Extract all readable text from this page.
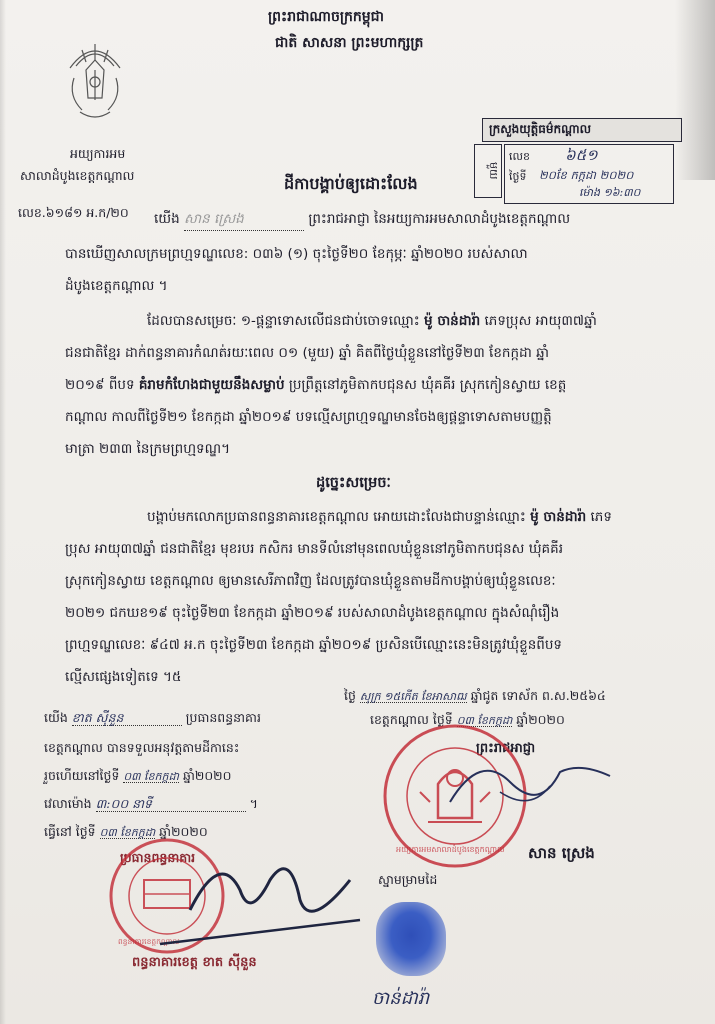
ព្រះរាជាណាចក្រកម្ពុជា
ជាតិ សាសនា ព្រះមហាក្សត្រ
អយ្យការអម
សាលាដំបូងខេត្តកណ្តាល
លេខ.៦១៨១ អ.ក/២០
ក្រសួងយុត្តិធម៌កណ្តាល
មួយ
លេខ ៦៥១
ថ្ងៃទី ២០ខែ កក្កដា ២០២០
ម៉ោង ១៦:៣០
ដីកាបង្គាប់ឲ្យដោះលែង
យើង សាន ស្រេង	ព្រះរាជអាជ្ញា នៃអយ្យការអមសាលាដំបូងខេត្តកណ្តាល
បានឃើញសាលក្រមព្រហ្មទណ្ឌលេខ: ០៣៦ (១) ចុះថ្ងៃទី២០ ខែកុម្ភៈ ឆ្នាំ២០២០ របស់សាលា
ដំបូងខេត្តកណ្តាល ។
ដែលបានសម្រេចៈ ១-ផ្តន្ទាទោសលើជនជាប់ចោទឈ្មោះ ម៉ូ ចាន់ដារ៉ា ភេទប្រុស អាយុ៣៧ឆ្នាំ
ជនជាតិខ្មែរ ដាក់ពន្ធនាគារកំណត់រយៈពេល ០១ (មួយ) ឆ្នាំ គិតពីថ្ងៃឃុំខ្លួននៅថ្ងៃទី២៣ ខែកក្កដា ឆ្នាំ
២០១៩ ពីបទ គំរាមកំហែងជាមួយនឹងសម្លាប់ ប្រព្រឹត្តនៅភូមិតាកបជុនស ឃុំគគីរ ស្រុកកៀនស្វាយ ខេត្ត
កណ្តាល កាលពីថ្ងៃទី២១ ខែកក្កដា ឆ្នាំ២០១៩ បទល្មើសព្រហ្មទណ្ឌមានចែងឲ្យផ្តន្ទាទោសតាមបញ្ញត្តិ
មាត្រា ២៣៣ នៃក្រមព្រហ្មទណ្ឌ។
ដូច្នេះសម្រេចៈ
បង្គាប់មកលោកប្រធានពន្ធនាគារខេត្តកណ្តាល អោយដោះលែងជាបន្ទាន់ឈ្មោះ ម៉ូ ចាន់ដារ៉ា ភេទ
ប្រុស អាយុ៣៧ឆ្នាំ ជនជាតិខ្មែរ មុខរបរ កសិករ មានទីលំនៅមុនពេលឃុំខ្លួននៅភូមិតាកបជុនស ឃុំគគីរ
ស្រុកកៀនស្វាយ ខេត្តកណ្តាល ឲ្យមានសេរីភាពវិញ ដែលត្រូវបានឃុំខ្លួនតាមដីកាបង្គាប់ឲ្យឃុំខ្លួនលេខៈ
២០២១ ជកឃខ១៩ ចុះថ្ងៃទី២៣ ខែកក្កដា ឆ្នាំ២០១៩ របស់សាលាដំបូងខេត្តកណ្តាល ក្នុងសំណុំរឿង
ព្រហ្មទណ្ឌលេខៈ ៩៤៧ អ.ក ចុះថ្ងៃទី២៣ ខែកក្កដា ឆ្នាំ២០១៩ ប្រសិនបើឈ្មោះនេះមិនត្រូវឃុំខ្លួនពីបទ
ល្មើសផ្សេងទៀតទេ ។៥
ថ្ងៃ សុក្រ ១៥កើត ខែអាសាឍ ឆ្នាំជូត ទោស័ក ព.ស.២៥៦៤
ខេត្តកណ្តាល ថ្ងៃទី ០៣ ខែកក្កដា ឆ្នាំ២០២០
ព្រះរាជអាជ្ញា
អយ្យការអមសាលាដំបូងខេត្តកណ្តាល សាន ស្រេង
យើង ខាត ស៊ីនួន	ប្រធានពន្ធនាគារ
ខេត្តកណ្តាល បានទទួលអនុវត្តតាមដីកានេះ
រួចហើយនៅថ្ងៃទី ០៣ ខែកក្កដា ឆ្នាំ២០២០
វេលាម៉ោង ៣:០០ នាទី	។
ធ្វើនៅ ថ្ងៃទី ០៣ ខែកក្កដា ឆ្នាំ២០២០
ប្រធានពន្ធនាគារ
ពន្ធនាគារខេត្តកណ្តាល
ពន្ធនាគារខេត្ត ខាត ស៊ីនួន
ស្នាមម្រាមដៃ
ចាន់ដារ៉ា
